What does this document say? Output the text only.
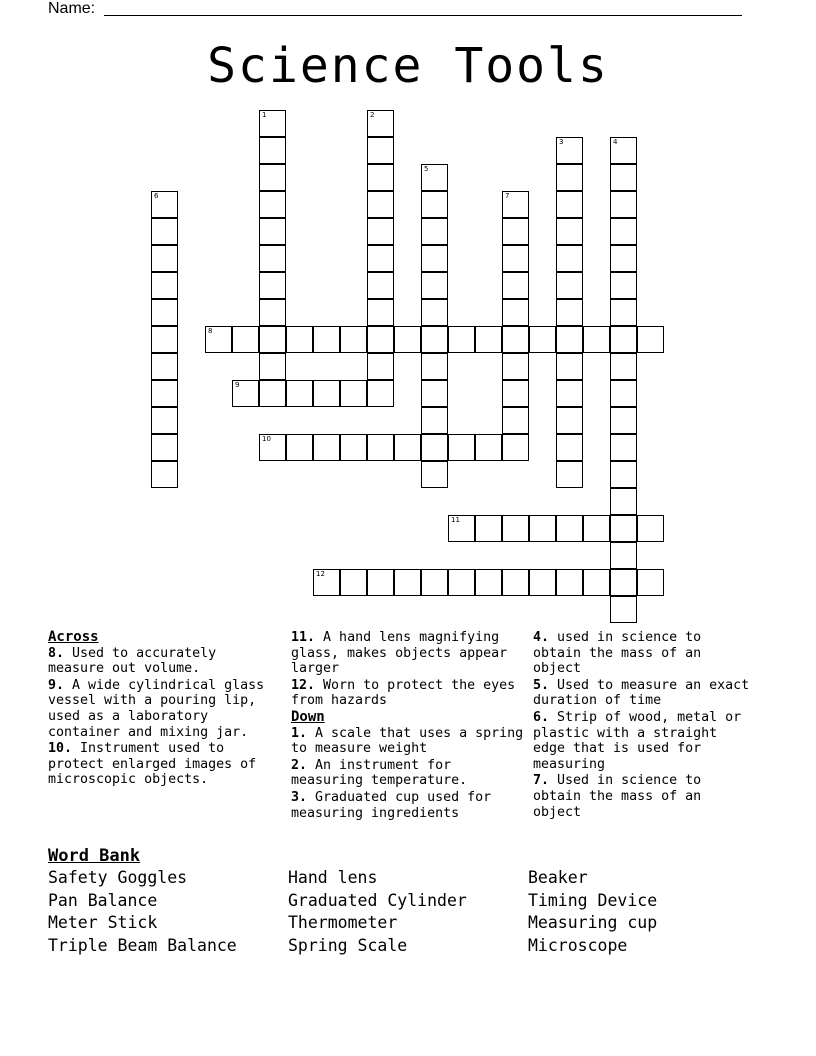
Name:
Science Tools
1	2
3	4
5
6	7
8
9
10
11
12
Across
8. Used to accurately measure out volume.
9. A wide cylindrical glass vessel with a pouring lip, used as a laboratory container and mixing jar.
10. Instrument used to protect enlarged images of microscopic objects.
11. A hand lens magnifying glass, makes objects appear larger
12. Worn to protect the eyes from hazards
Down
1. A scale that uses a spring to measure weight
2. An instrument for measuring temperature.
3. Graduated cup used for measuring ingredients
4. used in science to obtain the mass of an object
5. Used to measure an exact duration of time
6. Strip of wood, metal or plastic with a straight edge that is used for measuring
7. Used in science to obtain the mass of an object
Word Bank
Safety Goggles	Hand lens	Beaker
Pan Balance	Graduated Cylinder	Timing Device
Meter Stick	Thermometer	Measuring cup
Triple Beam Balance	Spring Scale	Microscope
